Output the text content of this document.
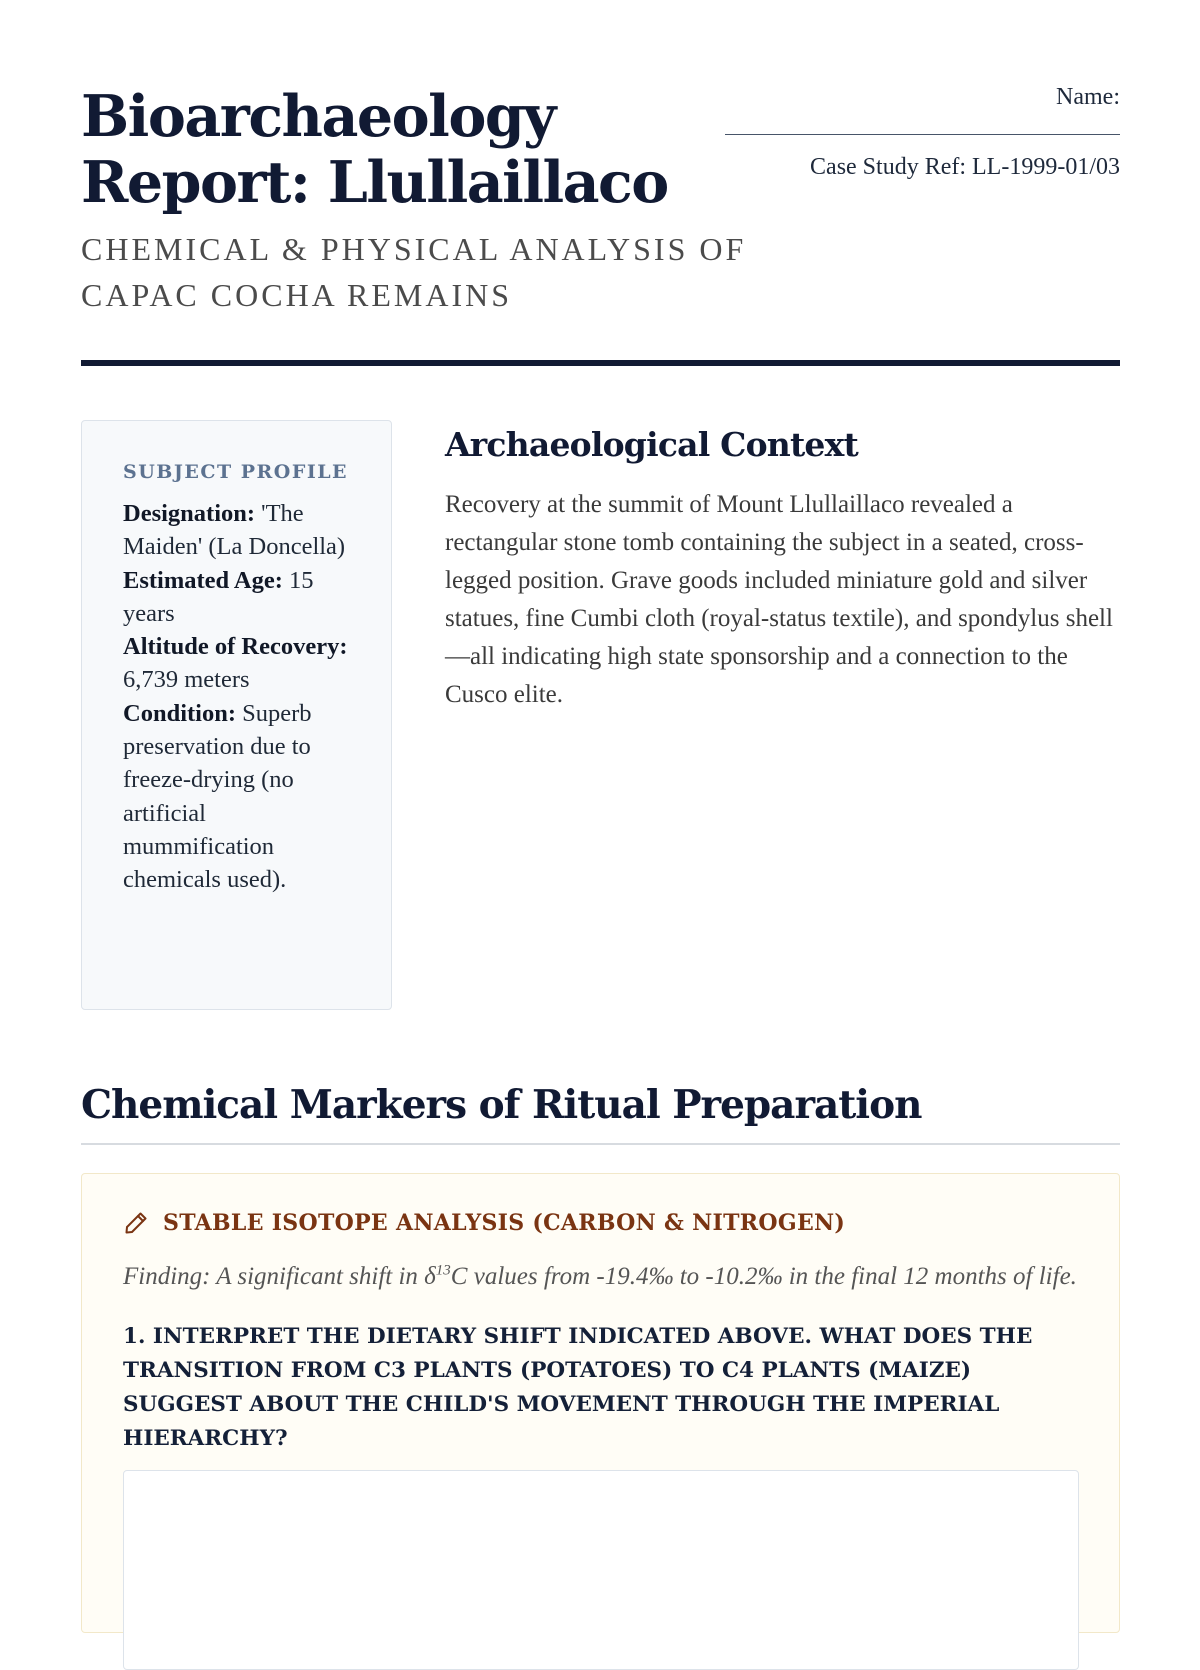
Bioarchaeology Report: Llullaillaco

CHEMICAL & PHYSICAL ANALYSIS OF CAPAC COCHA REMAINS

Name:
Case Study Ref: LL-1999-01/03
SUBJECT PROFILE

Designation: 'The Maiden' (La Doncella)

Estimated Age: 15 years

Altitude of Recovery: 6,739 meters

Condition: Superb preservation due to freeze-drying (no artificial mummification chemicals used).

Archaeological Context

Recovery at the summit of Mount Llullaillaco revealed a rectangular stone tomb containing the subject in a seated, cross-legged position. Grave goods included miniature gold and silver statues, fine Cumbi cloth (royal-status textile), and spondylus shell—all indicating high state sponsorship and a connection to the Cusco elite.

Chemical Markers of Ritual Preparation
STABLE ISOTOPE ANALYSIS (CARBON & NITROGEN)

Finding: A significant shift in $\delta^{13}C$ values from -19.4‰ to -10.2‰ in the final 12 months of life.

1. INTERPRET THE DIETARY SHIFT INDICATED ABOVE. WHAT DOES THE TRANSITION FROM C3 PLANTS (POTATOES) TO C4 PLANTS (MAIZE) SUGGEST ABOUT THE CHILD'S MOVEMENT THROUGH THE IMPERIAL HIERARCHY?
